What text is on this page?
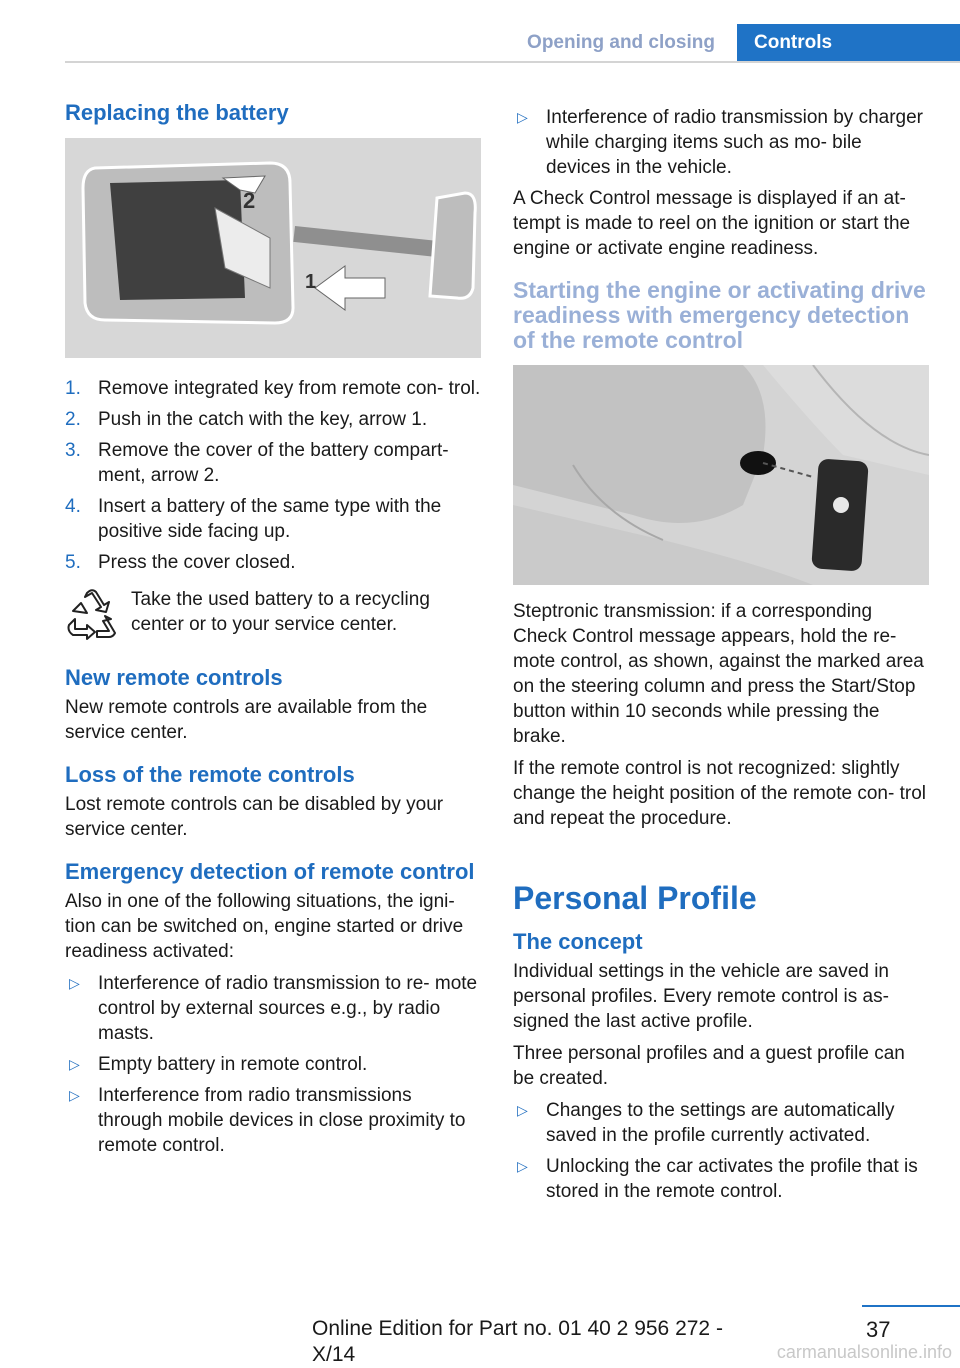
Opening and closing	Controls
Replacing the battery
2
1
1. Remove integrated key from remote con‐ trol.
2. Push in the catch with the key, arrow 1.
3. Remove the cover of the battery compart‐ ment, arrow 2.
4. Insert a battery of the same type with the positive side facing up.
5. Press the cover closed.
Take the used battery to a recycling center or to your service center.
New remote controls

New remote controls are available from the service center.

Loss of the remote controls

Lost remote controls can be disabled by your service center.

Emergency detection of remote control

Also in one of the following situations, the igni‐ tion can be switched on, engine started or drive readiness activated:

▷ Interference of radio transmission to re‐ mote control by external sources e.g., by radio masts.
▷ Empty battery in remote control.
▷ Interference from radio transmissions through mobile devices in close proximity to remote control.
▷ Interference of radio transmission by charger while charging items such as mo‐ bile devices in the vehicle.

A Check Control message is displayed if an at‐ tempt is made to reel on the ignition or start the engine or activate engine readiness.

Starting the engine or activating drive readiness with emergency detection of the remote control

Steptronic transmission: if a corresponding Check Control message appears, hold the re‐ mote control, as shown, against the marked area on the steering column and press the Start/Stop button within 10 seconds while pressing the brake.

If the remote control is not recognized: slightly change the height position of the remote con‐ trol and repeat the procedure.

Personal Profile
The concept

Individual settings in the vehicle are saved in personal profiles. Every remote control is as‐ signed the last active profile.

Three personal profiles and a guest profile can be created.

▷ Changes to the settings are automatically saved in the profile currently activated.
▷ Unlocking the car activates the profile that is stored in the remote control.
37
Online Edition for Part no. 01 40 2 956 272 - X/14	carmanualsonline.info
